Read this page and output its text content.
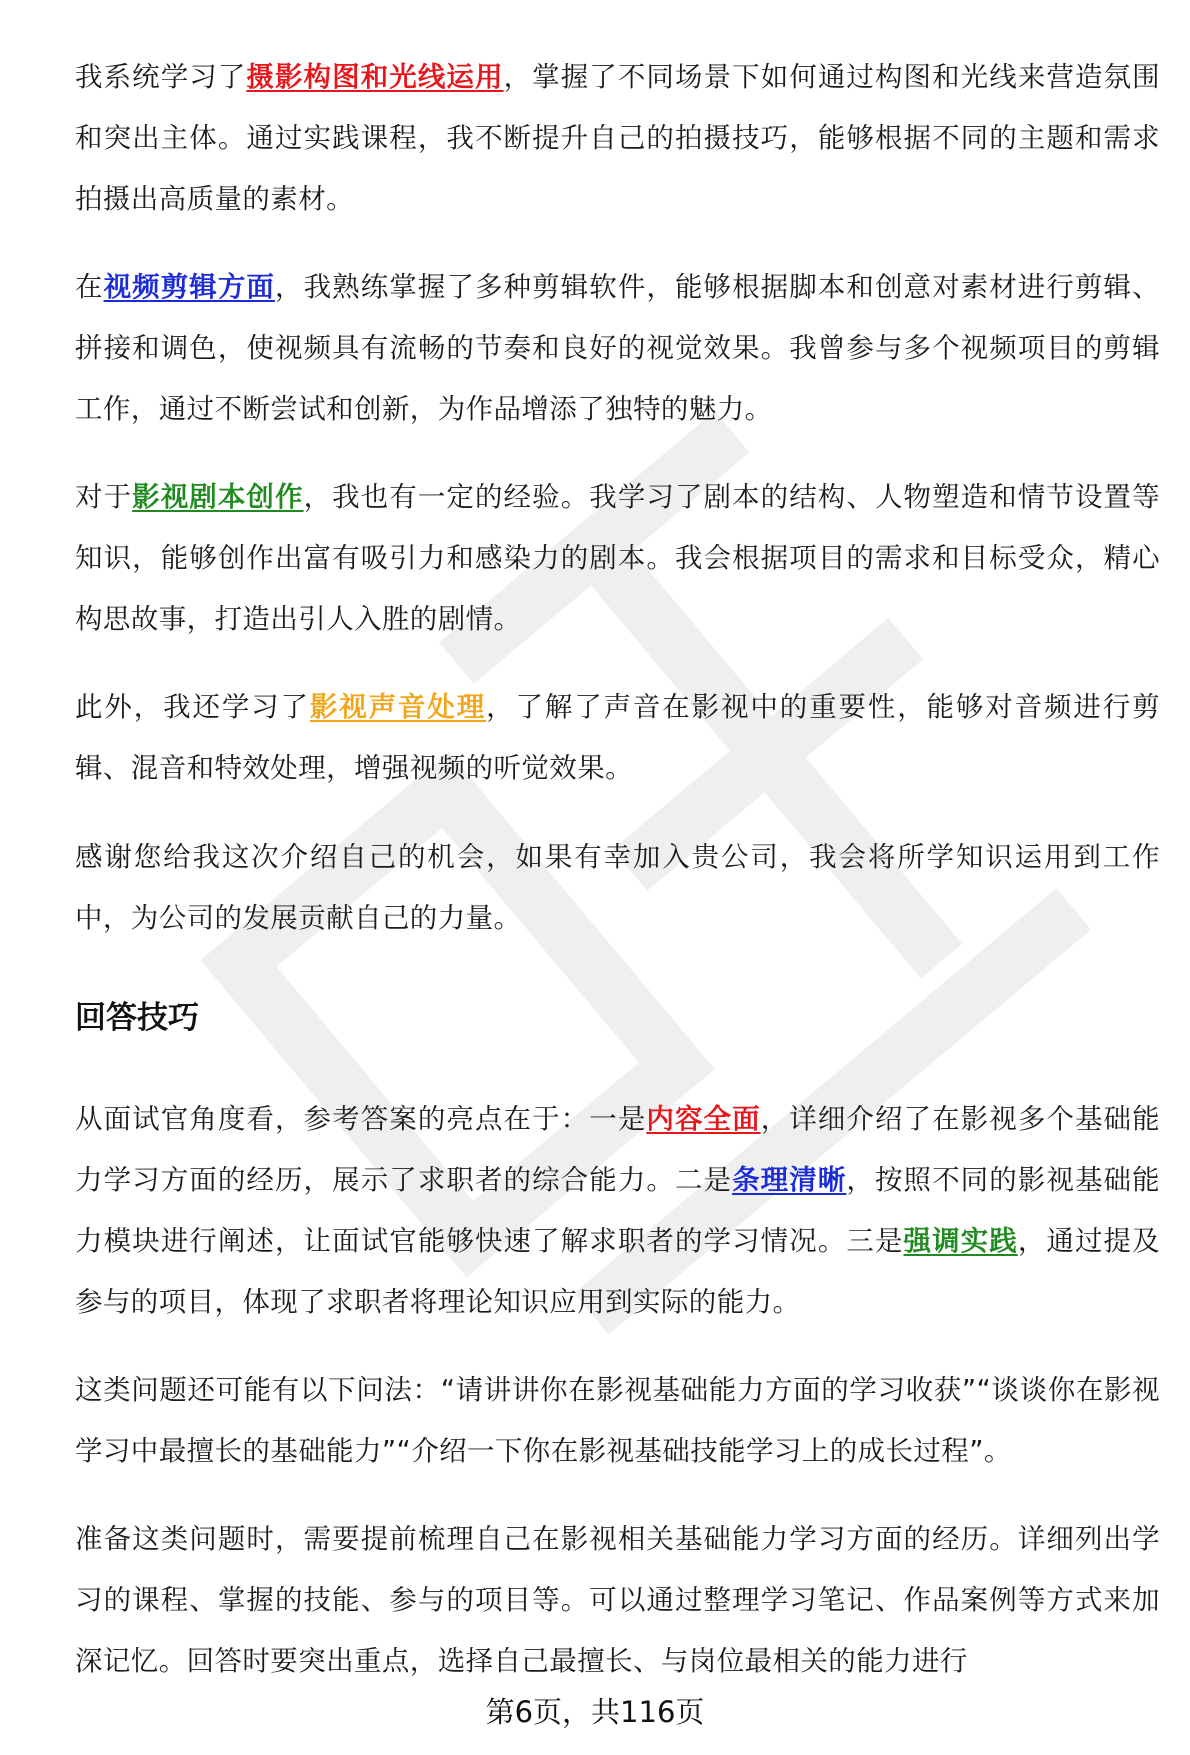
我系统学习了摄影构图和光线运用，掌握了不同场景下如何通过构图和光线来营造氛围和突出主体。通过实践课程，我不断提升自己的拍摄技巧，能够根据不同的主题和需求拍摄出高质量的素材。

在视频剪辑方面，我熟练掌握了多种剪辑软件，能够根据脚本和创意对素材进行剪辑、拼接和调色，使视频具有流畅的节奏和良好的视觉效果。我曾参与多个视频项目的剪辑工作，通过不断尝试和创新，为作品增添了独特的魅力。

对于影视剧本创作，我也有一定的经验。我学习了剧本的结构、人物塑造和情节设置等知识，能够创作出富有吸引力和感染力的剧本。我会根据项目的需求和目标受众，精心构思故事，打造出引人入胜的剧情。

此外，我还学习了影视声音处理，了解了声音在影视中的重要性，能够对音频进行剪辑、混音和特效处理，增强视频的听觉效果。

感谢您给我这次介绍自己的机会，如果有幸加入贵公司，我会将所学知识运用到工作中，为公司的发展贡献自己的力量。

回答技巧

从面试官角度看，参考答案的亮点在于：一是内容全面，详细介绍了在影视多个基础能力学习方面的经历，展示了求职者的综合能力。二是条理清晰，按照不同的影视基础能力模块进行阐述，让面试官能够快速了解求职者的学习情况。三是强调实践，通过提及参与的项目，体现了求职者将理论知识应用到实际的能力。

这类问题还可能有以下问法：“请讲讲你在影视基础能力方面的学习收获”“谈谈你在影视学习中最擅长的基础能力”“介绍一下你在影视基础技能学习上的成长过程”。

准备这类问题时，需要提前梳理自己在影视相关基础能力学习方面的经历。详细列出学习的课程、掌握的技能、参与的项目等。可以通过整理学习笔记、作品案例等方式来加深记忆。回答时要突出重点，选择自己最擅长、与岗位最相关的能力进行

第6页，共116页
